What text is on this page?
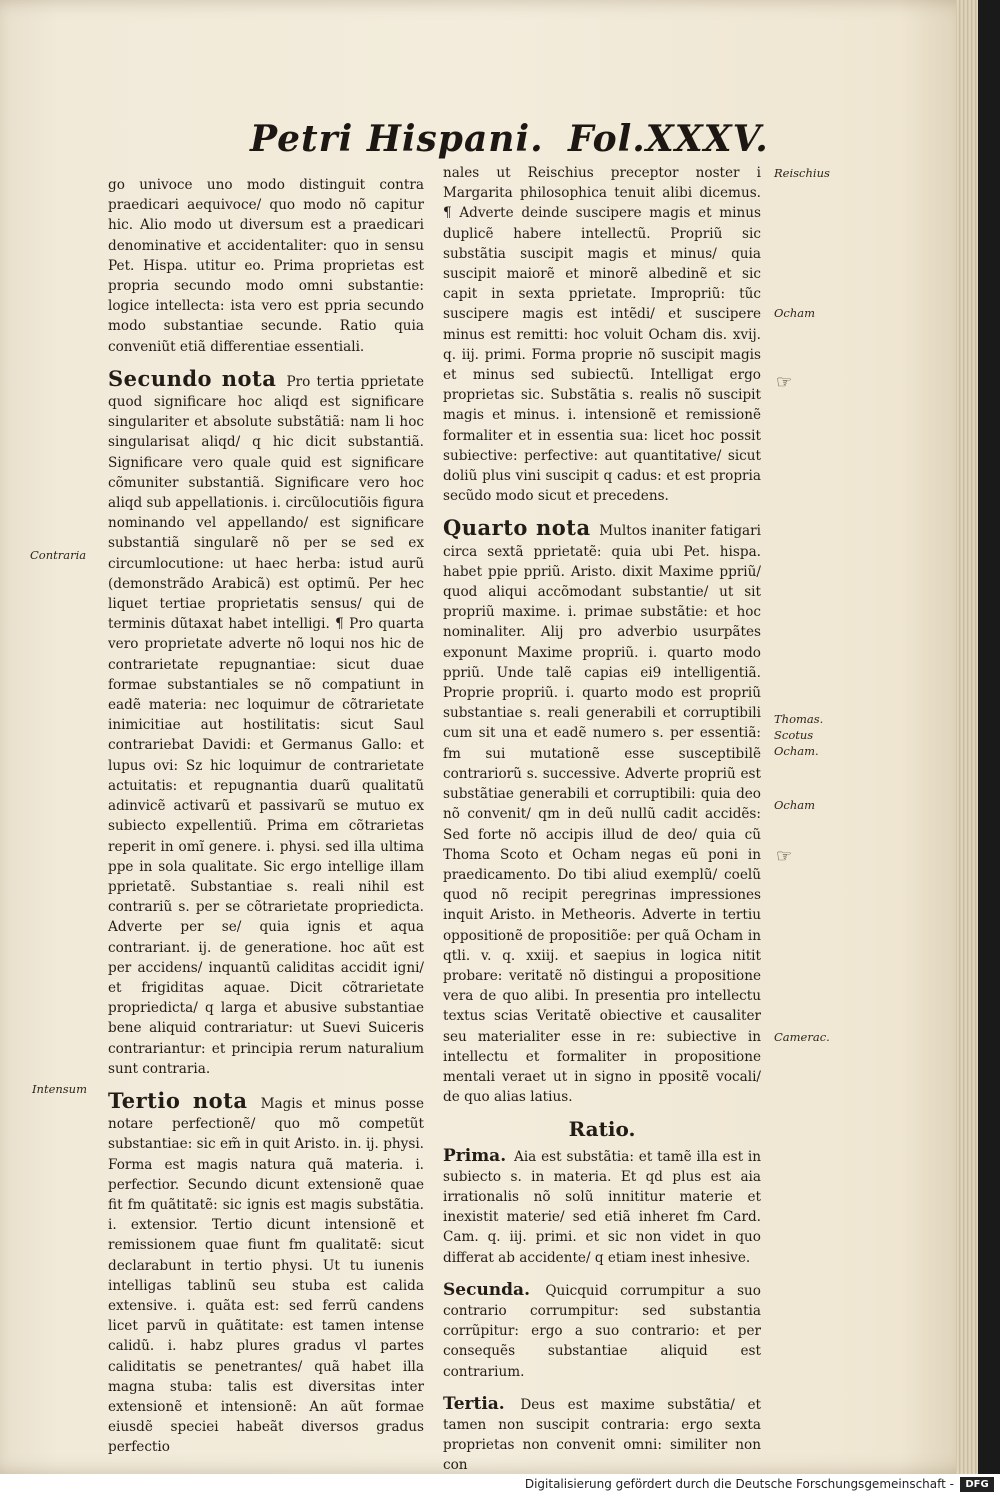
Petri Hispani. Fol.XXXV.

go univoce uno modo distinguit contra praedicari aequivoce/ quo modo nõ capitur hic. Alio modo ut diversum est a praedicari denominative et accidentaliter: quo in sensu Pet. Hispa. utitur eo. Prima proprietas est propria secundo modo omni substantie: logice intellecta: ista vero est ppria secundo modo substantiae secunde. Ratio quia conveniũt etiã differentiae essentiali.

Secundo nota Pro tertia pprietate quod significare hoc aliqd est significare singulariter et absolute substãtiã: nam li hoc singularisat aliqd/ q hic dicit substantiã. Significare vero quale quid est significare cõmuniter substantiã. Significare vero hoc aliqd sub appellationis. i. circũlocutiõis figura nominando vel appellando/ est significare substantiã singularẽ nõ per se sed ex circumlocutione: ut haec herba: istud aurũ (demonstrãdo Arabicã) est optimũ. Per hec liquet tertiae proprietatis sensus/ qui de terminis dũtaxat habet intelligi. ¶ Pro quarta vero proprietate adverte nõ loqui nos hic de contrarietate repugnantiae: sicut duae formae substantiales se nõ compatiunt in eadẽ materia: nec loquimur de cõtrarietate inimicitiae aut hostilitatis: sicut Saul contrariebat Davidi: et Germanus Gallo: et lupus ovi: Sz hic loquimur de contrarietate actuitatis: et repugnantia duarũ qualitatũ adinvicẽ activarũ et passivarũ se mutuo ex subiecto expellentiũ. Prima em cõtrarietas reperit in omĩ genere. i. physi. sed illa ultima ppe in sola qualitate. Sic ergo intellige illam pprietatẽ. Substantiae s. reali nihil est contrariũ s. per se cõtrarietate propriedicta. Adverte per se/ quia ignis et aqua contrariant. ij. de generatione. hoc aũt est per accidens/ inquantũ caliditas accidit igni/ et frigiditas aquae. Dicit cõtrarietate propriedicta/ q larga et abusive substantiae bene aliquid contrariatur: ut Suevi Suiceris contrariantur: et principia rerum naturalium sunt contraria.

Tertio nota Magis et minus posse notare perfectionẽ/ quo mõ competũt substantiae: sic em̃ in quit Aristo. in. ij. physi. Forma est magis natura quã materia. i. perfectior. Secundo dicunt extensionẽ quae fit fm quãtitatẽ: sic ignis est magis substãtia. i. extensior. Tertio dicunt intensionẽ et remissionem quae fiunt fm qualitatẽ: sicut declarabunt in tertio physi. Ut tu iunenis intelligas tablinũ seu stuba est calida extensive. i. quãta est: sed ferrũ candens licet parvũ in quãtitate: est tamen intense calidũ. i. habz plures gradus vl partes caliditatis se penetrantes/ quã habet illa magna stuba: talis est diversitas inter extensionẽ et intensionẽ: An aũt formae eiusdẽ speciei habeãt diversos gradus perfectio

nales ut Reischius preceptor noster i Margarita philosophica tenuit alibi dicemus. ¶ Adverte deinde suscipere magis et minus duplicẽ habere intellectũ. Propriũ sic substãtia suscipit magis et minus/ quia suscipit maiorẽ et minorẽ albedinẽ et sic capit in sexta pprietate. Impropriũ: tũc suscipere magis est intẽdi/ et suscipere minus est remitti: hoc voluit Ocham dis. xvij. q. iij. primi. Forma proprie nõ suscipit magis et minus sed subiectũ. Intelligat ergo proprietas sic. Substãtia s. realis nõ suscipit magis et minus. i. intensionẽ et remissionẽ formaliter et in essentia sua: licet hoc possit subiective: perfective: aut quantitative/ sicut doliũ plus vini suscipit q cadus: et est propria secũdo modo sicut et precedens.

Quarto nota Multos inaniter fatigari circa sextã pprietatẽ: quia ubi Pet. hispa. habet ppie ppriũ. Aristo. dixit Maxime ppriũ/ quod aliqui accõmodant substantie/ ut sit propriũ maxime. i. primae substãtie: et hoc nominaliter. Alij pro adverbio usurpãtes exponunt Maxime propriũ. i. quarto modo ppriũ. Unde talẽ capias ei9 intelligentiã. Proprie propriũ. i. quarto modo est propriũ substantiae s. reali generabili et corruptibili cum sit una et eadẽ numero s. per essentiã: fm sui mutationẽ esse susceptibilẽ contrariorũ s. successive. Adverte propriũ est substãtiae generabili et corruptibili: quia deo nõ convenit/ qm in deũ nullũ cadit accidẽs: Sed forte nõ accipis illud de deo/ quia cũ Thoma Scoto et Ocham negas eũ poni in praedicamento. Do tibi aliud exemplũ/ coelũ quod nõ recipit peregrinas impressiones inquit Aristo. in Metheoris. Adverte in tertiu oppositionẽ de propositiõe: per quã Ocham in qtli. v. q. xxiij. et saepius in logica nitit probare: veritatẽ nõ distingui a propositione vera de quo alibi. In presentia pro intellectu textus scias Veritatẽ obiective et causaliter seu materialiter esse in re: subiective in intellectu et formaliter in propositione mentali veraet ut in signo in ppositẽ vocali/ de quo alias latius.

Ratio.

Prima. Aia est substãtia: et tamẽ illa est in subiecto s. in materia. Et qd plus est aia irrationalis nõ solũ innititur materie et inexistit materie/ sed etiã inheret fm Card. Cam. q. iij. primi. et sic non videt in quo differat ab accidente/ q etiam inest inhesive.

Secunda. Quicquid corrumpitur a suo contrario corrumpitur: sed substantia corrũpitur: ergo a suo contrario: et per consequẽs substantiae aliquid est contrarium.

Tertia. Deus est maxime substãtia/ et tamen non suscipit contraria: ergo sexta proprietas non convenit omni: similiter non con

Contraria
Intensum
Reischius
Ocham
☞
Thomas.
Scotus
Ocham.
Ocham
☞
Camerac.
Digitalisierung gefördert durch die Deutsche Forschungsgemeinschaft -	DFG
